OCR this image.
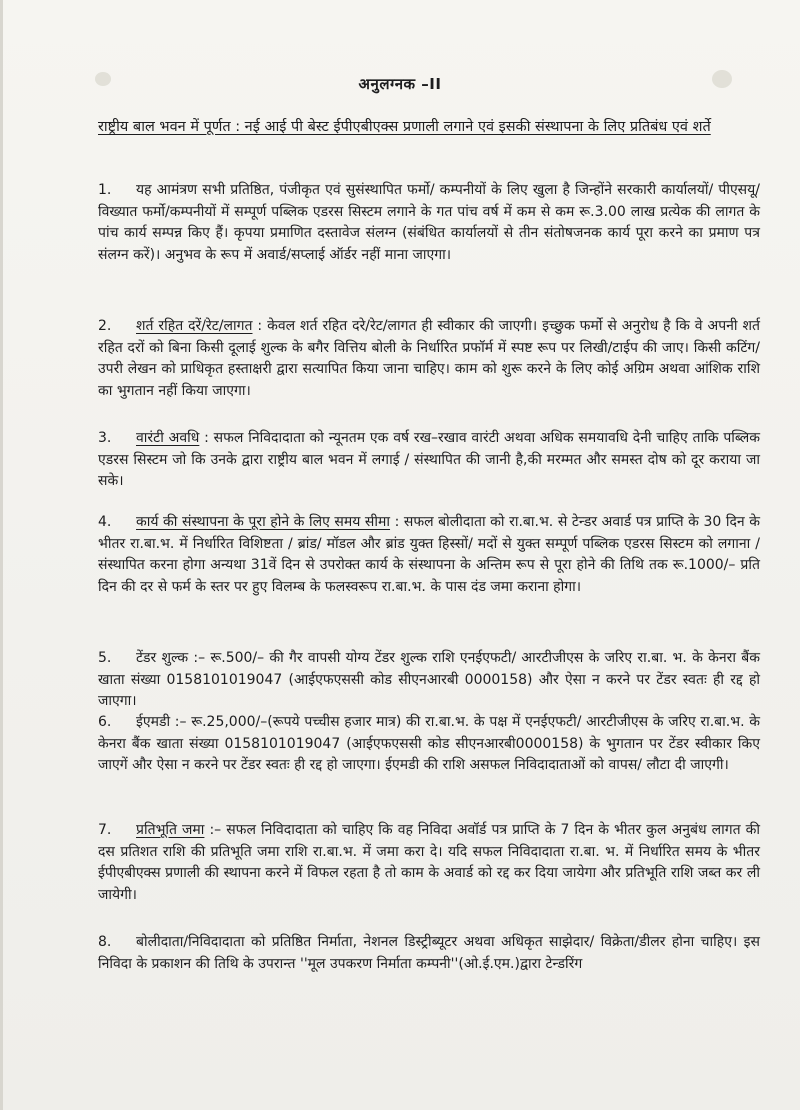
अनुलग्नक –II
राष्ट्रीय बाल भवन में पूर्णत : नई आई पी बेस्ट ईपीएबीएक्स प्रणाली लगाने एवं इसकी संस्थापना के लिए प्रतिबंध एवं शर्ते
1. यह आमंत्रण सभी प्रतिष्ठित, पंजीकृत एवं सुसंस्थापित फर्मो/ कम्पनीयों के लिए खुला है जिन्होंने सरकारी कार्यालयों/ पीएसयू/ विख्यात फर्मो/कम्पनीयों में सम्पूर्ण पब्लिक एडरस सिस्टम लगाने के गत पांच वर्ष में कम से कम रू.3.00 लाख प्रत्येक की लागत के पांच कार्य सम्पन्न किए हैं। कृपया प्रमाणित दस्तावेज संलग्न (संबंधित कार्यालयों से तीन संतोषजनक कार्य पूरा करने का प्रमाण पत्र संलग्न करें)। अनुभव के रूप में अवार्ड/सप्लाई ऑर्डर नहीं माना जाएगा।
2. शर्त रहित दरें/रेट/लागत : केवल शर्त रहित दरे/रेट/लागत ही स्वीकार की जाएगी। इच्छुक फर्मो से अनुरोध है कि वे अपनी शर्त रहित दरों को बिना किसी दूलाई शुल्क के बगैर वित्तिय बोली के निर्धारित प्रफॉर्म में स्पष्ट रूप पर लिखी/टाईप की जाए। किसी कटिंग/उपरी लेखन को प्राधिकृत हस्ताक्षरी द्वारा सत्यापित किया जाना चाहिए। काम को शुरू करने के लिए कोई अग्रिम अथवा आंशिक राशि का भुगतान नहीं किया जाएगा।
3. वारंटी अवधि : सफल निविदादाता को न्यूनतम एक वर्ष रख–रखाव वारंटी अथवा अधिक समयावधि देनी चाहिए ताकि पब्लिक एडरस सिस्टम जो कि उनके द्वारा राष्ट्रीय बाल भवन में लगाई / संस्थापित की जानी है,की मरम्मत और समस्त दोष को दूर कराया जा सके।
4. कार्य की संस्थापना के पूरा होने के लिए समय सीमा : सफल बोलीदाता को रा.बा.भ. से टेन्डर अवार्ड पत्र प्राप्ति के 30 दिन के भीतर रा.बा.भ. में निर्धारित विशिष्टता / ब्रांड/ मॉडल और ब्रांड युक्त हिस्सों/ मदों से युक्त सम्पूर्ण पब्लिक एडरस सिस्टम को लगाना / संस्थापित करना होगा अन्यथा 31वें दिन से उपरोक्त कार्य के संस्थापना के अन्तिम रूप से पूरा होने की तिथि तक रू.1000/– प्रति दिन की दर से फर्म के स्तर पर हुए विलम्ब के फलस्वरूप रा.बा.भ. के पास दंड जमा कराना होगा।
5. टेंडर शुल्क :– रू.500/– की गैर वापसी योग्य टेंडर शुल्क राशि एनईएफटी/ आरटीजीएस के जरिए रा.बा. भ. के केनरा बैंक खाता संख्या 0158101019047 (आईएफएससी कोड सीएनआरबी 0000158) और ऐसा न करने पर टेंडर स्वतः ही रद्द हो जाएगा।
6. ईएमडी :– रू.25,000/–(रूपये पच्चीस हजार मात्र) की रा.बा.भ. के पक्ष में एनईएफटी/ आरटीजीएस के जरिए रा.बा.भ. के केनरा बैंक खाता संख्या 0158101019047 (आईएफएससी कोड सीएनआरबी0000158) के भुगतान पर टेंडर स्वीकार किए जाएगें और ऐसा न करने पर टेंडर स्वतः ही रद्द हो जाएगा। ईएमडी की राशि असफल निविदादाताओं को वापस/ लौटा दी जाएगी।
7. प्रतिभूति जमा :– सफल निविदादाता को चाहिए कि वह निविदा अवॉर्ड पत्र प्राप्ति के 7 दिन के भीतर कुल अनुबंध लागत की दस प्रतिशत राशि की प्रतिभूति जमा राशि रा.बा.भ. में जमा करा दे। यदि सफल निविदादाता रा.बा. भ. में निर्धारित समय के भीतर ईपीएबीएक्स प्रणाली की स्थापना करने में विफल रहता है तो काम के अवार्ड को रद्द कर दिया जायेगा और प्रतिभूति राशि जब्त कर ली जायेगी।
8. बोलीदाता/निविदादाता को प्रतिष्ठित निर्माता, नेशनल डिस्ट्रीब्यूटर अथवा अधिकृत साझेदार/ विक्रेता/डीलर होना चाहिए। इस निविदा के प्रकाशन की तिथि के उपरान्त ''मूल उपकरण निर्माता कम्पनी''(ओ.ई.एम.)द्वारा टेन्डरिंग
